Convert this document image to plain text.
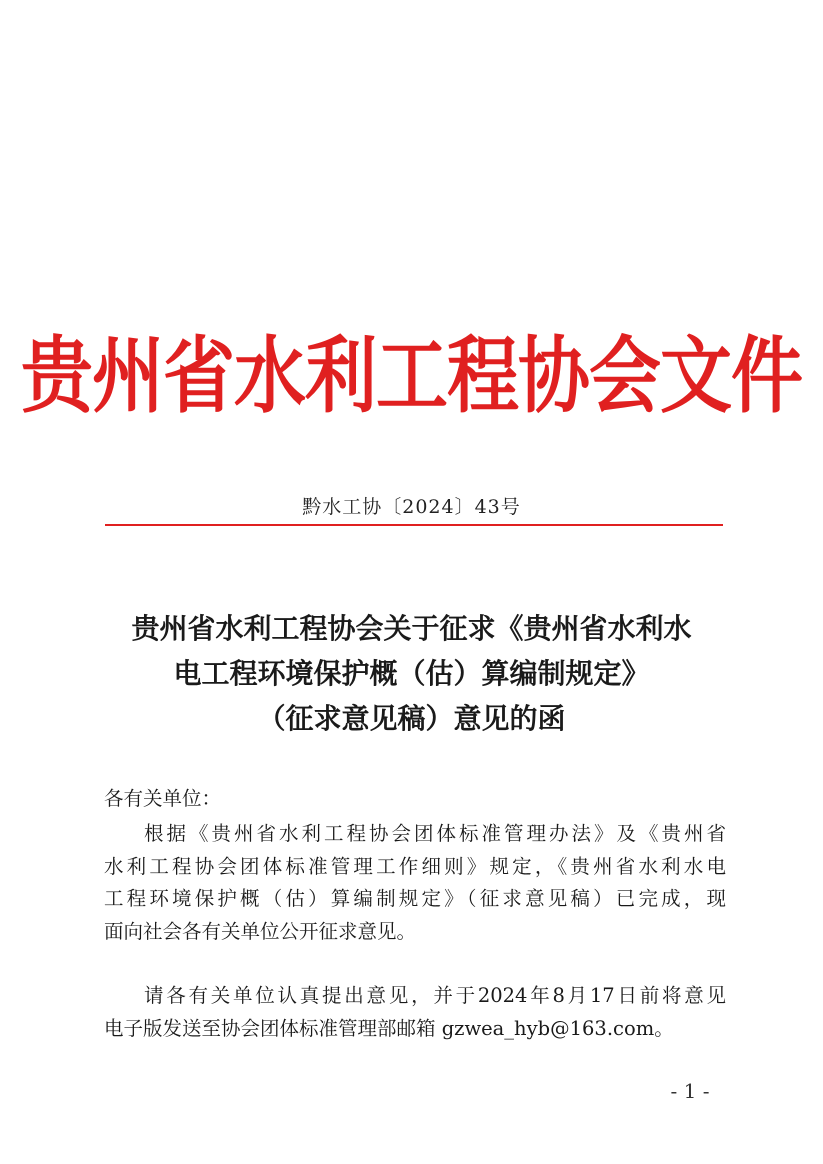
贵州省水利工程协会文件
黔水工协〔2024〕43号
贵州省水利工程协会关于征求《贵州省水利水
电工程环境保护概（估）算编制规定》
（征求意见稿）意见的函
各有关单位：
根据《贵州省水利工程协会团体标准管理办法》及《贵州省
水利工程协会团体标准管理工作细则》规定，《贵州省水利水电
工程环境保护概（估）算编制规定》（征求意见稿）已完成，现
面向社会各有关单位公开征求意见。
请各有关单位认真提出意见，并于2024年8月17日前将意见
电子版发送至协会团体标准管理部邮箱 gzwea_hyb@163.com。
- 1 -
